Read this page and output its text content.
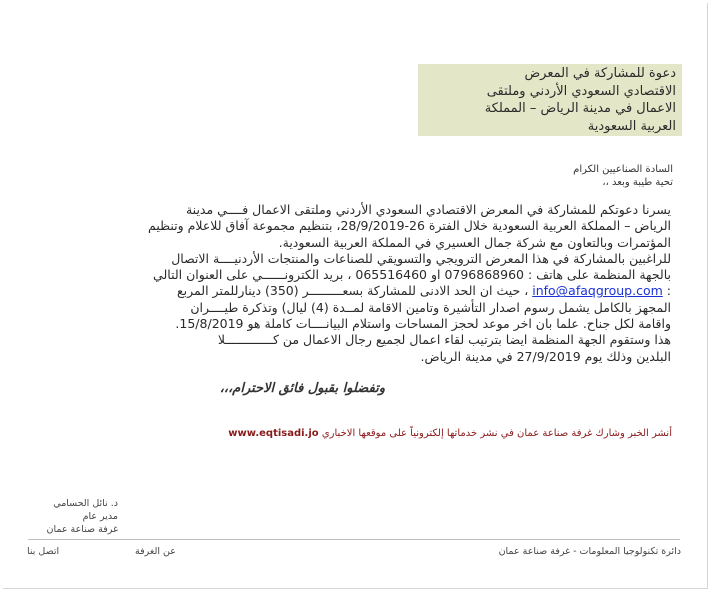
دعوة للمشاركة في المعرض
الاقتصادي السعودي الأردني وملتقى
الاعمال في مدينة الرياض – المملكة
العربية السعودية
السادة الصناعيين الكرام
تحية طيبة وبعد ،،

يسرنا دعوتكم للمشاركة في المعرض الاقتصادي السعودي الأردني وملتقى الاعمال فــــي مدينة

الرياض – المملكة العربية السعودية خلال الفترة 26-28/9/2019، بتنظيم مجموعة آفاق للاعلام وتنظيم

المؤتمرات وبالتعاون مع شركة جمال العسيري في المملكة العربية السعودية.

للراغبين بالمشاركة في هذا المعرض الترويجي والتسويقي للصناعات والمنتجات الأردنيــــة الاتصال

بالجهة المنظمة على هاتف : 0796868960 او 065516460 ، بريد الكترونــــــي على العنوان التالي

: info@afaqgroup.com ، حيث ان الحد الادنى للمشاركة بسعـــــــــر (350) دينارللمتر المربع

المجهز بالكامل يشمل رسوم اصدار التأشيرة وتامين الاقامة لمــدة (4) ليال) وتذكرة طيــــران

واقامة لكل جناح. علما بان اخر موعد لحجز المساحات واستلام البيانــــات كاملة هو 15/8/2019.

هذا وستقوم الجهة المنظمة ايضا بترتيب لقاء اعمال لجميع رجال الاعمال من كـــــــــــــلا

البلدين وذلك يوم 27/9/2019 في مدينة الرياض.

وتفضلوا بقبول فائق الاحترام،،،
أنشر الخبر وشارك غرفة صناعة عمان في نشر خدماتها إلكترونياً على موقعها الاخباري www.eqtisadi.jo
د. نائل الحسامي
مدير عام
غرفة صناعة عمان
دائرة تكنولوجيا المعلومات - غرفة صناعة عمان
عن الغرفة
اتصل بنا
